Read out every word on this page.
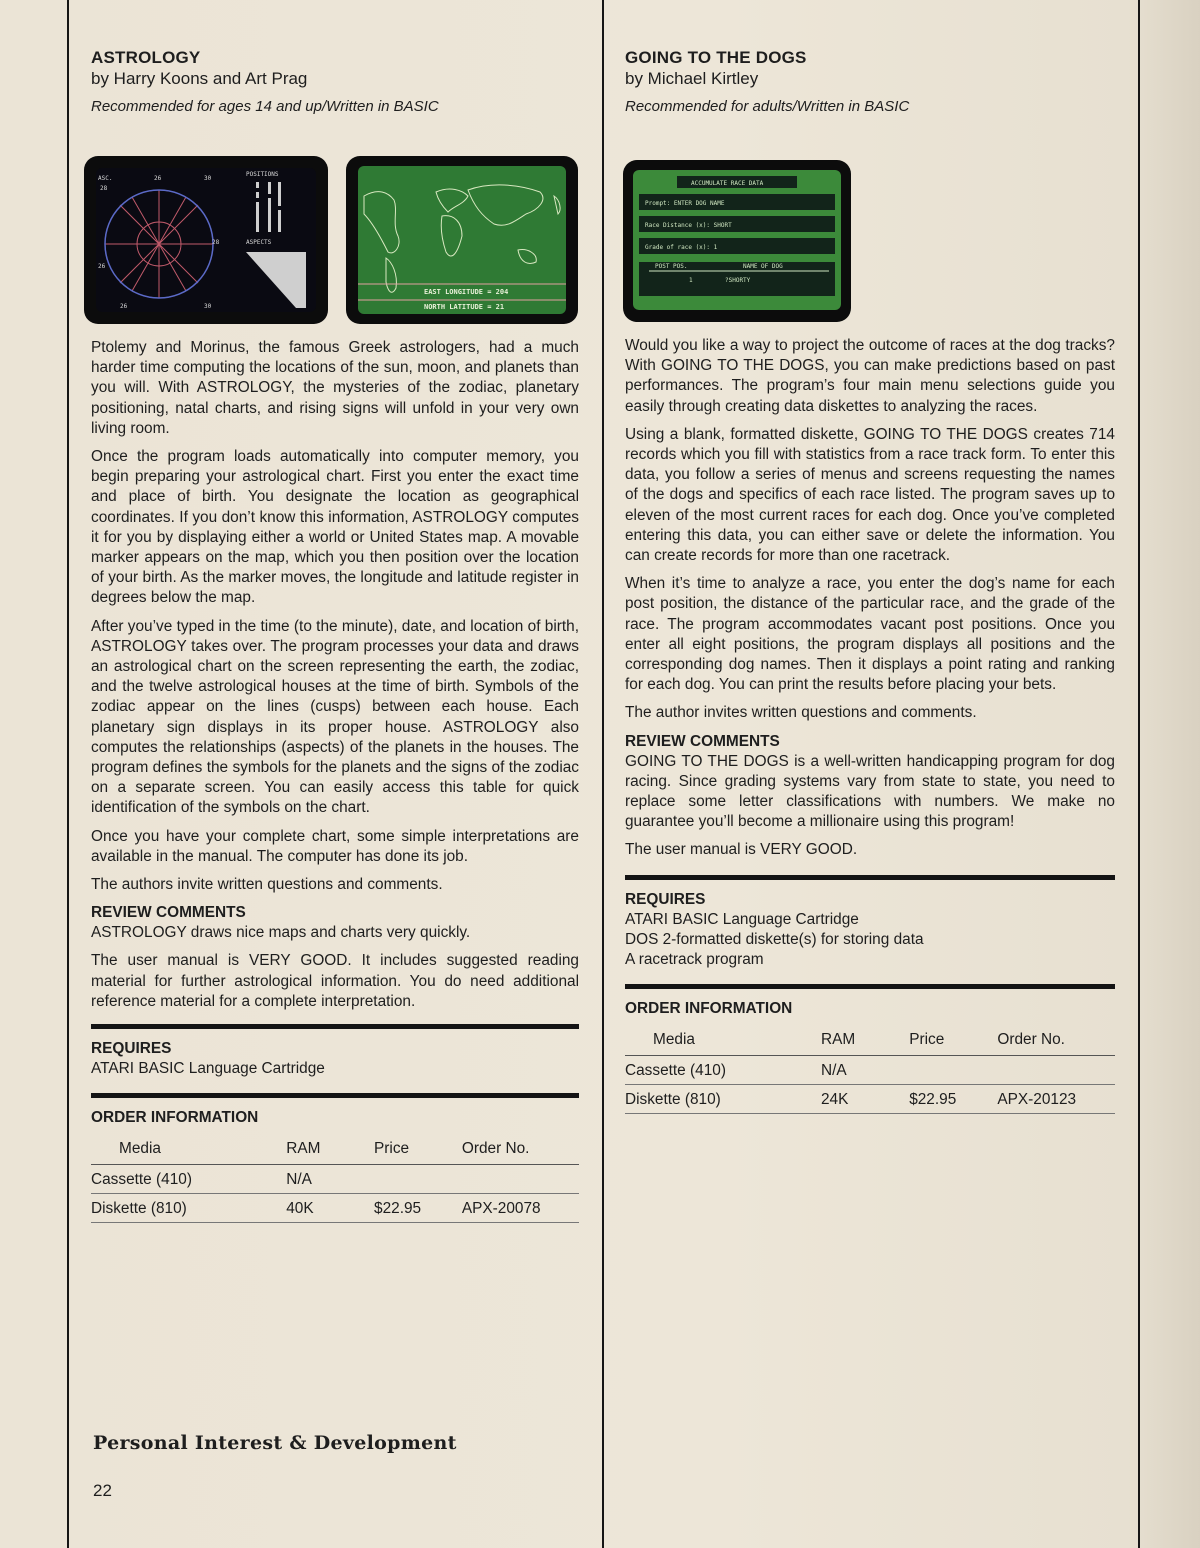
ASTROLOGY

by Harry Koons and Art Prag

Recommended for ages 14 and up/Written in BASIC

ASC.
28
26	30
26
28
30
26
POSITIONS
ASPECTS
EAST LONGITUDE = 204
NORTH LATITUDE = 21

Ptolemy and Morinus, the famous Greek astrologers, had a much harder time computing the locations of the sun, moon, and planets than you will. With ASTROLOGY, the mysteries of the zodiac, planetary positioning, natal charts, and rising signs will unfold in your very own living room.

Once the program loads automatically into computer memory, you begin preparing your astrological chart. First you enter the exact time and place of birth. You designate the location as geographical coordinates. If you don’t know this information, ASTROLOGY computes it for you by displaying either a world or United States map. A movable marker appears on the map, which you then position over the location of your birth. As the marker moves, the longitude and latitude register in degrees below the map.

After you’ve typed in the time (to the minute), date, and location of birth, ASTROLOGY takes over. The program processes your data and draws an astrological chart on the screen representing the earth, the zodiac, and the twelve astrological houses at the time of birth. Symbols of the zodiac appear on the lines (cusps) between each house. Each planetary sign displays in its proper house. ASTROLOGY also computes the relationships (aspects) of the planets in the houses. The program defines the symbols for the planets and the signs of the zodiac on a separate screen. You can easily access this table for quick identification of the symbols on the chart.

Once you have your complete chart, some simple interpretations are available in the manual. The computer has done its job.

The authors invite written questions and comments.

REVIEW COMMENTS

ASTROLOGY draws nice maps and charts very quickly.

The user manual is VERY GOOD. It includes suggested reading material for further astrological information. You do need additional reference material for a complete interpretation.

REQUIRES

ATARI BASIC Language Cartridge

ORDER INFORMATION
Media	RAM	Price	Order No.
Cassette (410)	N/A		
Diskette (810)	40K	$22.95	APX-20078
GOING TO THE DOGS

by Michael Kirtley

Recommended for adults/Written in BASIC

ACCUMULATE RACE DATA
Prompt: ENTER DOG NAME
Race Distance (x): SHORT
Grade of race (x): 1
POST POS.	NAME OF DOG
1	?SHORTY

Would you like a way to project the outcome of races at the dog tracks? With GOING TO THE DOGS, you can make predictions based on past performances. The program’s four main menu selections guide you easily through creating data diskettes to analyzing the races.

Using a blank, formatted diskette, GOING TO THE DOGS creates 714 records which you fill with statistics from a race track form. To enter this data, you follow a series of menus and screens requesting the names of the dogs and specifics of each race listed. The program saves up to eleven of the most current races for each dog. Once you’ve completed entering this data, you can either save or delete the information. You can create records for more than one racetrack.

When it’s time to analyze a race, you enter the dog’s name for each post position, the distance of the particular race, and the grade of the race. The program accommodates vacant post positions. Once you enter all eight positions, the program displays all positions and the corresponding dog names. Then it displays a point rating and ranking for each dog. You can print the results before placing your bets.

The author invites written questions and comments.

REVIEW COMMENTS

GOING TO THE DOGS is a well-written handicapping program for dog racing. Since grading systems vary from state to state, you need to replace some letter classifications with numbers. We make no guarantee you’ll become a millionaire using this program!

The user manual is VERY GOOD.

REQUIRES

ATARI BASIC Language Cartridge

DOS 2-formatted diskette(s) for storing data

A racetrack program

ORDER INFORMATION
Media	RAM	Price	Order No.
Cassette (410)	N/A		
Diskette (810)	24K	$22.95	APX-20123
Personal Interest & Development
22
